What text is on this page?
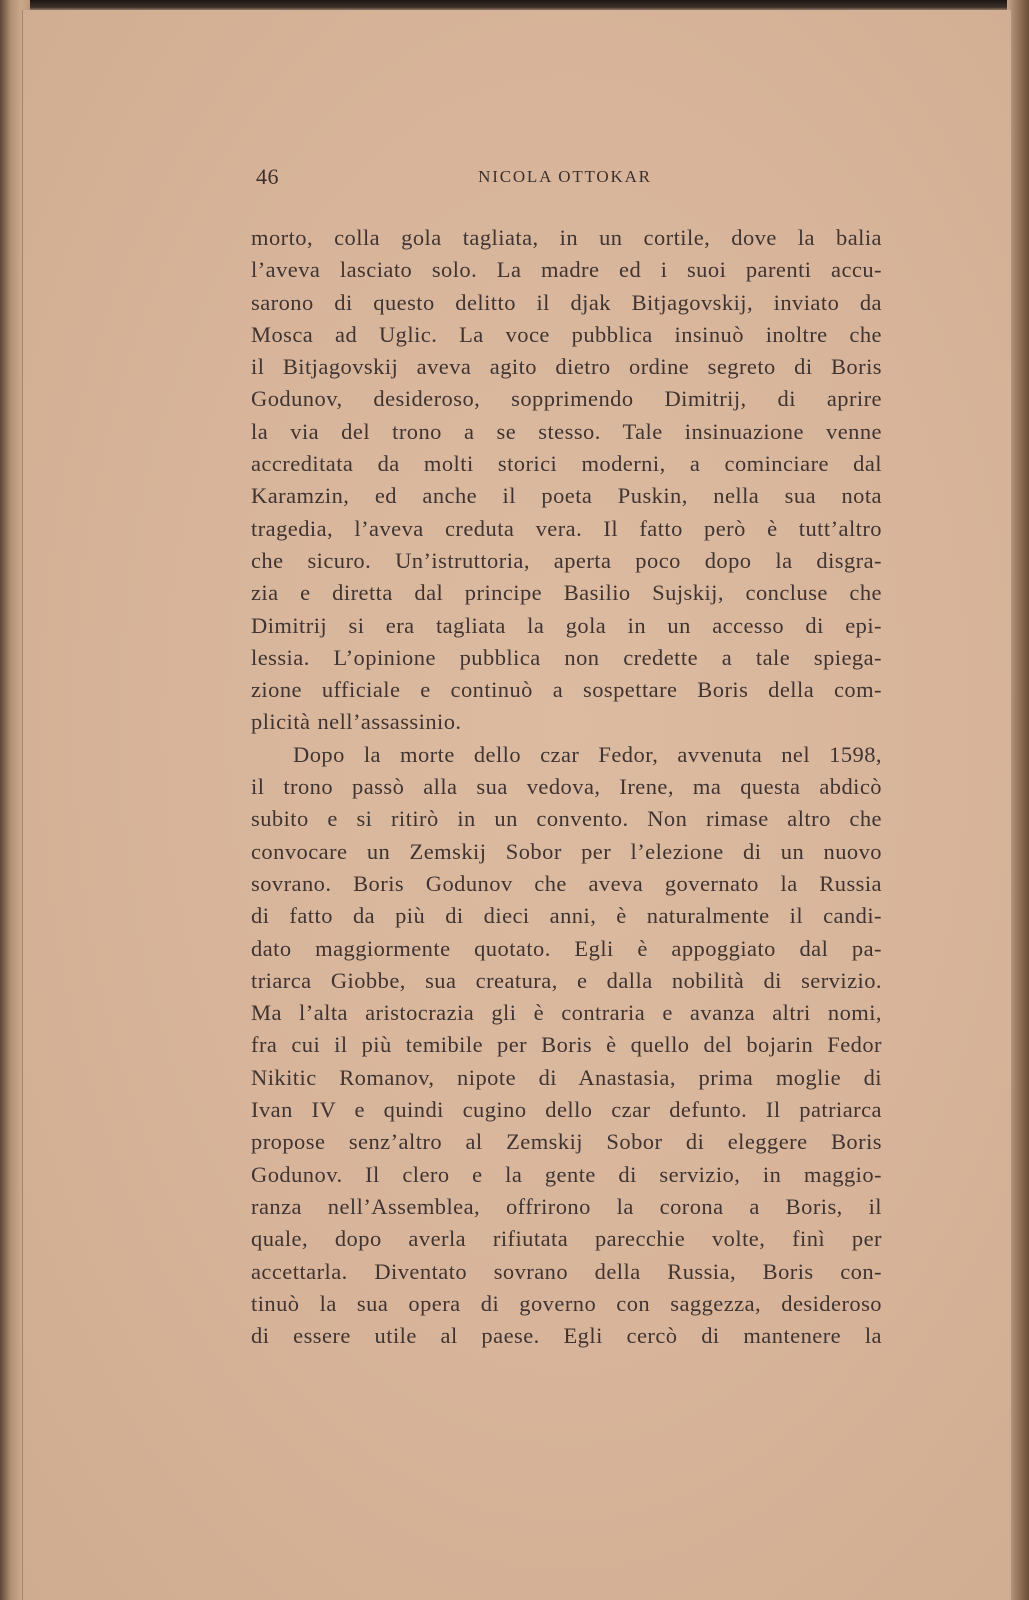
46	NICOLA OTTOKAR
morto, colla gola tagliata, in un cortile, dove la balia
l’aveva lasciato solo. La madre ed i suoi parenti accu-
sarono di questo delitto il djak Bitjagovskij, inviato da
Mosca ad Uglic. La voce pubblica insinuò inoltre che
il Bitjagovskij aveva agito dietro ordine segreto di Boris
Godunov, desideroso, sopprimendo Dimitrij, di aprire
la via del trono a se stesso. Tale insinuazione venne
accreditata da molti storici moderni, a cominciare dal
Karamzin, ed anche il poeta Puskin, nella sua nota
tragedia, l’aveva creduta vera. Il fatto però è tutt’altro
che sicuro. Un’istruttoria, aperta poco dopo la disgra-
zia e diretta dal principe Basilio Sujskij, concluse che
Dimitrij si era tagliata la gola in un accesso di epi-
lessia. L’opinione pubblica non credette a tale spiega-
zione ufficiale e continuò a sospettare Boris della com-
plicità nell’assassinio.
Dopo la morte dello czar Fedor, avvenuta nel 1598,
il trono passò alla sua vedova, Irene, ma questa abdicò
subito e si ritirò in un convento. Non rimase altro che
convocare un Zemskij Sobor per l’elezione di un nuovo
sovrano. Boris Godunov che aveva governato la Russia
di fatto da più di dieci anni, è naturalmente il candi-
dato maggiormente quotato. Egli è appoggiato dal pa-
triarca Giobbe, sua creatura, e dalla nobilità di servizio.
Ma l’alta aristocrazia gli è contraria e avanza altri nomi,
fra cui il più temibile per Boris è quello del bojarin Fedor
Nikitic Romanov, nipote di Anastasia, prima moglie di
Ivan IV e quindi cugino dello czar defunto. Il patriarca
propose senz’altro al Zemskij Sobor di eleggere Boris
Godunov. Il clero e la gente di servizio, in maggio-
ranza nell’Assemblea, offrirono la corona a Boris, il
quale, dopo averla rifiutata parecchie volte, finì per
accettarla. Diventato sovrano della Russia, Boris con-
tinuò la sua opera di governo con saggezza, desideroso
di essere utile al paese. Egli cercò di mantenere la
